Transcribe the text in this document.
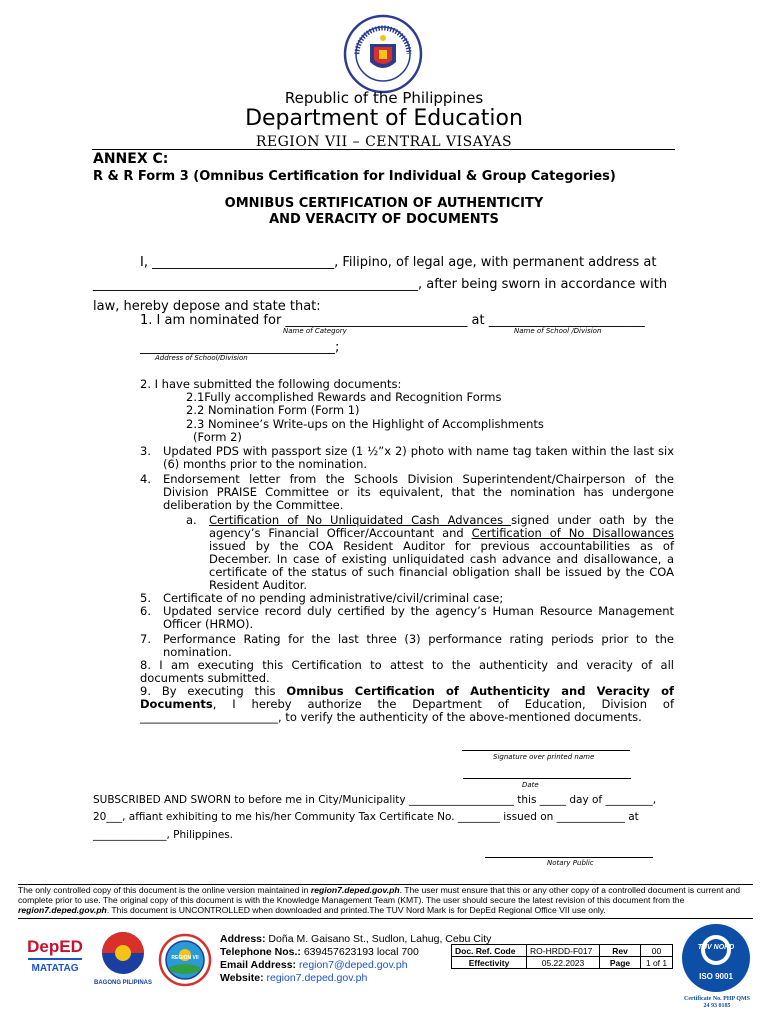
Republic of the Philippines
Department of Education
REGION VII – CENTRAL VISAYAS
ANNEX C:
R & R Form 3 (Omnibus Certification for Individual & Group Categories)
OMNIBUS CERTIFICATION OF AUTHENTICITY
AND VERACITY OF DOCUMENTS
I, ____________________________, Filipino, of legal age, with permanent address at
__________________________________________________, after being sworn in accordance with
law, hereby depose and state that:
1. I am nominated for ____________________________ at ________________________
Name of Category	Name of School /Division
______________________________;
Address of School/Division
2. I have submitted the following documents:
2.1Fully accomplished Rewards and Recognition Forms
2.2 Nomination Form (Form 1)
2.3 Nominee’s Write-ups on the Highlight of Accomplishments
(Form 2)
3. Updated PDS with passport size (1 ½”x 2) photo with name tag taken within the last six (6) months prior to the nomination.
4. Endorsement letter from the Schools Division Superintendent/Chairperson of the Division PRAISE Committee or its equivalent, that the nomination has undergone deliberation by the Committee.
a. Certification of No Unliquidated Cash Advances signed under oath by the agency’s Financial Officer/Accountant and Certification of No Disallowances issued by the COA Resident Auditor for previous accountabilities as of December. In case of existing unliquidated cash advance and disallowance, a certificate of the status of such financial obligation shall be issued by the COA Resident Auditor.
5. Certificate of no pending administrative/civil/criminal case;
6. Updated service record duly certified by the agency’s Human Resource Management Officer (HRMO).
7. Performance Rating for the last three (3) performance rating periods prior to the nomination.
8. I am executing this Certification to attest to the authenticity and veracity of all documents submitted.
9. By executing this Omnibus Certification of Authenticity and Veracity of Documents, I hereby authorize the Department of Education, Division of ________________________, to verify the authenticity of the above-mentioned documents.
Signature over printed name
Date
SUBSCRIBED AND SWORN to before me in City/Municipality ____________________ this _____ day of _________,
20___, affiant exhibiting to me his/her Community Tax Certificate No. ________ issued on _____________ at
______________, Philippines.
Notary Public
The only controlled copy of this document is the online version maintained in region7.deped.gov.ph. The user must ensure that this or any other copy of a controlled document is current and complete prior to use. The original copy of this document is with the Knowledge Management Team (KMT). The user should secure the latest revision of this document from the region7.deped.gov.ph. This document is UNCONTROLLED when downloaded and printed.The TUV Nord Mark is for DepEd Regional Office VII use only.
DepED
MATATAG
BAGONG PILIPINAS
REGION VII
Address: Doña M. Gaisano St., Sudlon, Lahug, Cebu City
Telephone Nos.: 639457623193 local 700
Email Address: region7@deped.gov.ph
Website: region7.deped.gov.ph
Doc. Ref. Code	RO-HRDD-F017	Rev	00
Effectivity	05.22.2023	Page	1 of 1
TUV NORD
ISO 9001
Certificate No. PHP QMS
24 93 0185
